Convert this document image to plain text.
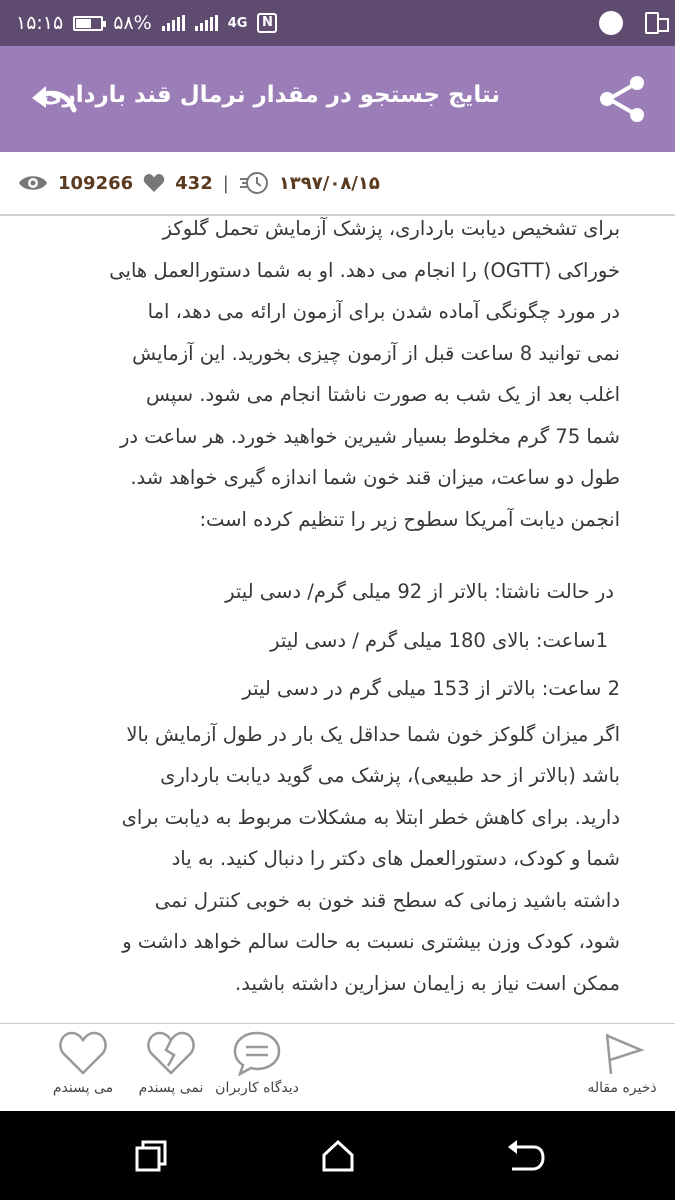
۱۵:۱۵	۵۸%	4G	N
نتایج جستجو در مقدار نرمال قند بارداری
109266 432 |	۱۳۹۷/۰۸/۱۵
برای تشخیص دیابت بارداری، پزشک آزمایش تحمل گلوکز
خوراکی (OGTT) را انجام می دهد. او به شما دستورالعمل هایی
در مورد چگونگی آماده شدن برای آزمون ارائه می دهد، اما
نمی توانید 8 ساعت قبل از آزمون چیزی بخورید. این آزمایش
اغلب بعد از یک شب به صورت ناشتا انجام می شود. سپس
شما 75 گرم مخلوط بسیار شیرین خواهید خورد. هر ساعت در
طول دو ساعت، میزان قند خون شما اندازه گیری خواهد شد.
انجمن دیابت آمریکا سطوح زیر را تنظیم کرده است:
در حالت ناشتا: بالاتر از 92 میلی گرم/ دسی لیتر
1ساعت: بالای 180 میلی گرم / دسی لیتر
2 ساعت: بالاتر از 153 میلی گرم در دسی لیتر
اگر میزان گلوکز خون شما حداقل یک بار در طول آزمایش بالا
باشد (بالاتر از حد طبیعی)، پزشک می گوید دیابت بارداری
دارید. برای کاهش خطر ابتلا به مشکلات مربوط به دیابت برای
شما و کودک، دستورالعمل های دکتر را دنبال کنید. به یاد
داشته باشید زمانی که سطح قند خون به خوبی کنترل نمی
شود، کودک وزن بیشتری نسبت به حالت سالم خواهد داشت و
ممکن است نیاز به زایمان سزارین داشته باشید.
می پسندم	نمی پسندم دیدگاه کاربران	ذخیره مقاله
